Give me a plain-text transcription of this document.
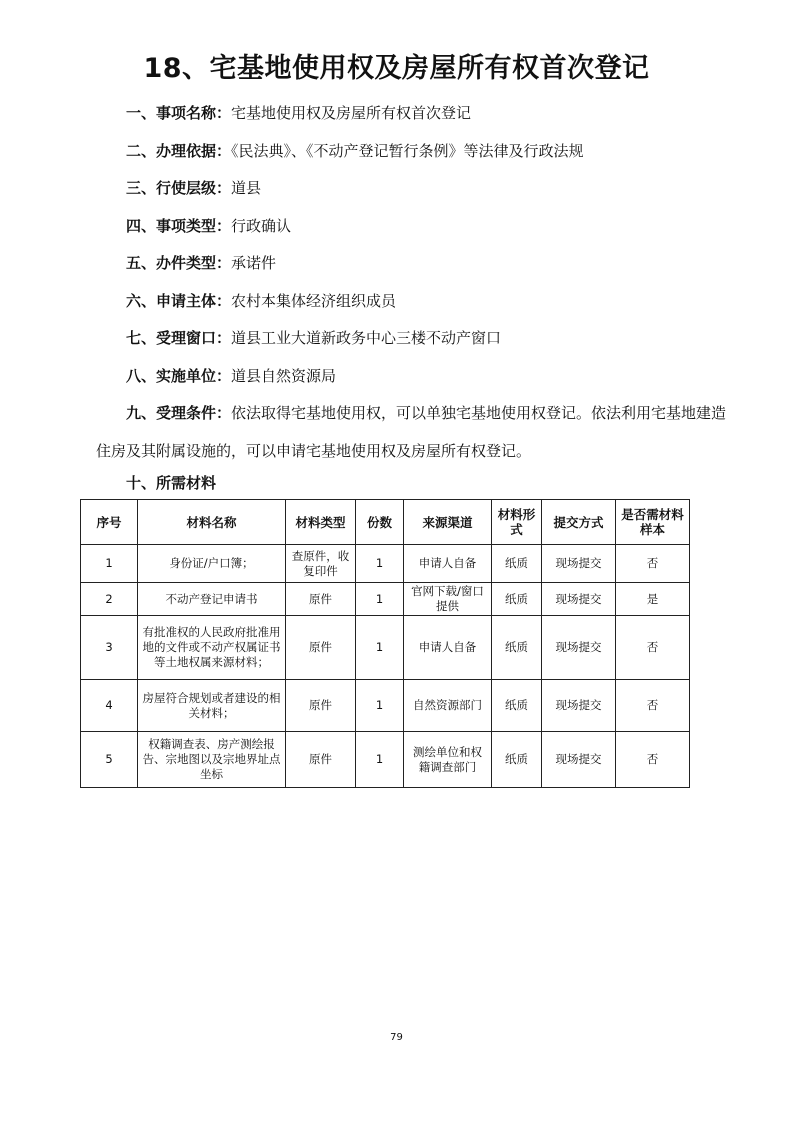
18、宅基地使用权及房屋所有权首次登记
一、事项名称：宅基地使用权及房屋所有权首次登记
二、办理依据：《民法典》、《不动产登记暂行条例》等法律及行政法规
三、行使层级：道县
四、事项类型：行政确认
五、办件类型：承诺件
六、申请主体：农村本集体经济组织成员
七、受理窗口：道县工业大道新政务中心三楼不动产窗口
八、实施单位：道县自然资源局
九、受理条件：依法取得宅基地使用权，可以单独宅基地使用权登记。依法利用宅基地建造住房及其附属设施的，可以申请宅基地使用权及房屋所有权登记。
十、所需材料
序号	材料名称	材料类型	份数	来源渠道	材料形式	提交方式	是否需材料样本
1	身份证/户口簿；	查原件，收复印件	1	申请人自备	纸质	现场提交	否
2	不动产登记申请书	原件	1	官网下载/窗口提供	纸质	现场提交	是
3	有批准权的人民政府批准用地的文件或不动产权属证书等土地权属来源材料；	原件	1	申请人自备	纸质	现场提交	否
4	房屋符合规划或者建设的相关材料；	原件	1	自然资源部门	纸质	现场提交	否
5	权籍调查表、房产测绘报告、宗地图以及宗地界址点坐标	原件	1	测绘单位和权籍调查部门	纸质	现场提交	否
79
